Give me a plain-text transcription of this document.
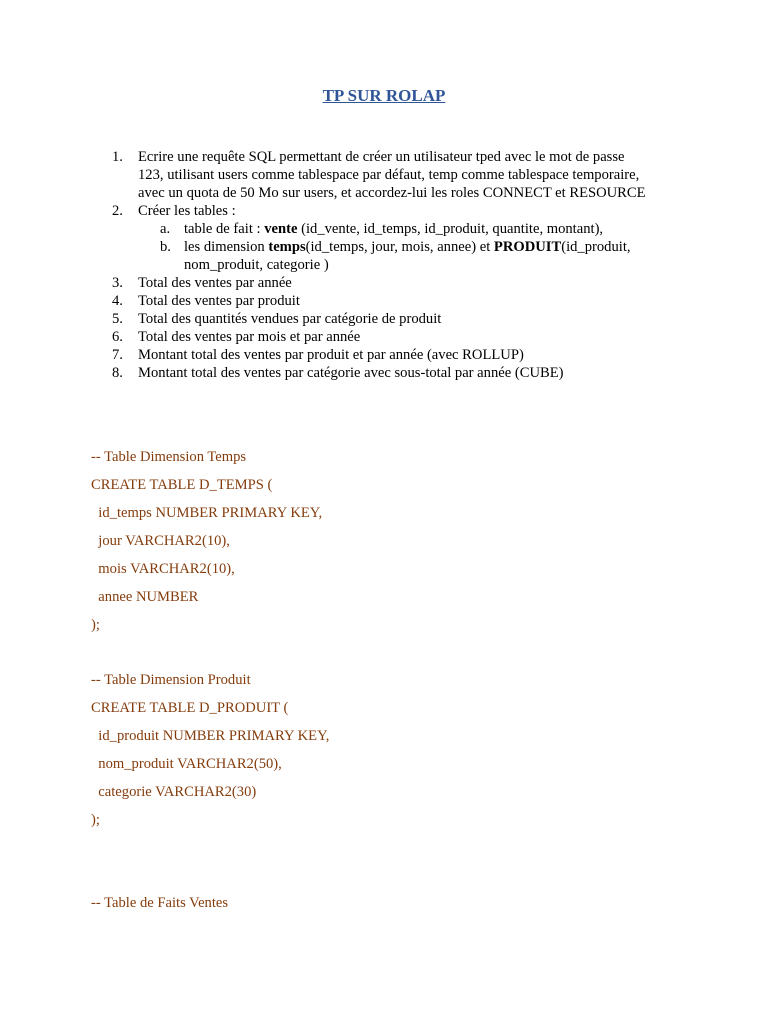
TP SUR ROLAP
1. Ecrire une requête SQL permettant de créer un utilisateur tped avec le mot de passe
123, utilisant users comme tablespace par défaut, temp comme tablespace temporaire,
avec un quota de 50 Mo sur users, et accordez-lui les roles CONNECT et RESOURCE
2. Créer les tables :
a. table de fait : vente (id_vente, id_temps, id_produit, quantite, montant),
b. les dimension temps(id_temps, jour, mois, annee) et PRODUIT(id_produit,
nom_produit, categorie )
3. Total des ventes par année
4. Total des ventes par produit
5. Total des quantités vendues par catégorie de produit
6. Total des ventes par mois et par année
7. Montant total des ventes par produit et par année (avec ROLLUP)
8. Montant total des ventes par catégorie avec sous-total par année (CUBE)
-- Table Dimension Temps
CREATE TABLE D_TEMPS (
id_temps NUMBER PRIMARY KEY,
jour VARCHAR2(10),
mois VARCHAR2(10),
annee NUMBER
);
-- Table Dimension Produit
CREATE TABLE D_PRODUIT (
id_produit NUMBER PRIMARY KEY,
nom_produit VARCHAR2(50),
categorie VARCHAR2(30)
);
-- Table de Faits Ventes
